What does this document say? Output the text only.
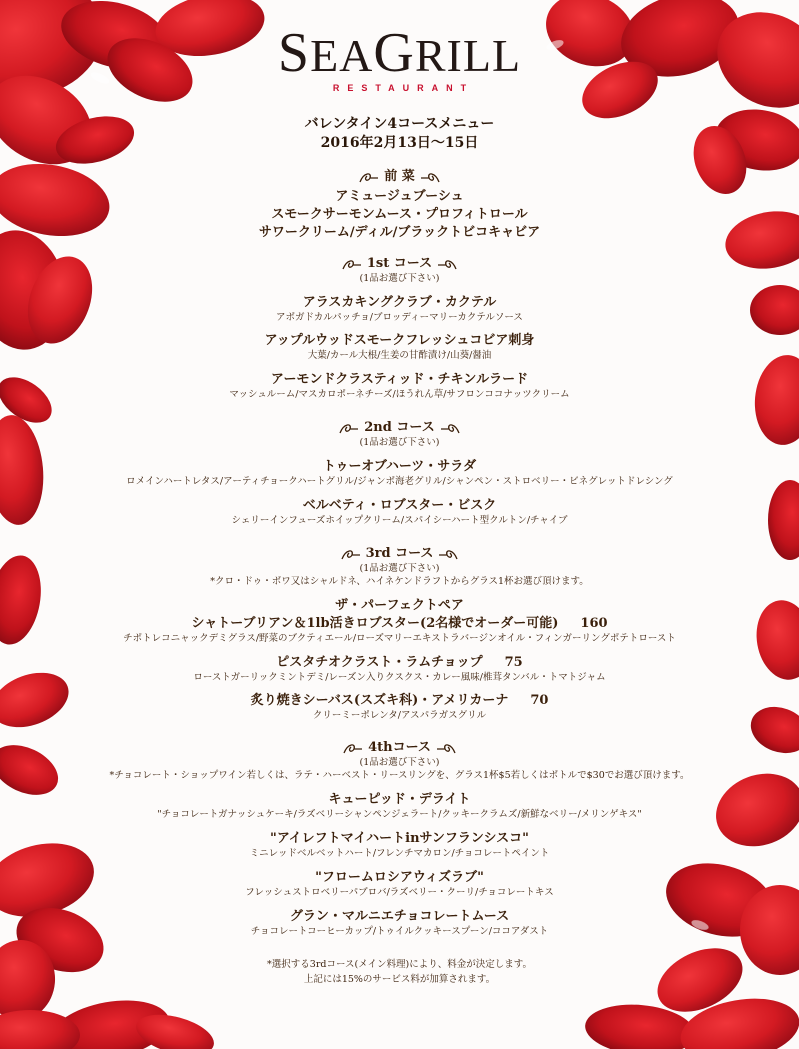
SEAGRILL
RESTAURANT
バレンタイン4コースメニュー
2016年2月13日〜15日
前 菜
アミュージュブーシュ
スモークサーモンムース・プロフィトロール
サワークリーム/ディル/ブラックトビコキャビア
1st コース
(1品お選び下さい)
アラスカキングクラブ・カクテル
アボガドカルパッチョ/ブロッディーマリーカクテルソース
アップルウッドスモークフレッシュコビア刺身
大葉/カール大根/生姜の甘酢漬け/山葵/醤油
アーモンドクラスティッド・チキンルラード
マッシュルーム/マスカロポーネチーズ/ほうれん草/サフロンココナッツクリーム
2nd コース
(1品お選び下さい)
トゥーオブハーツ・サラダ
ロメインハートレタス/アーティチョークハートグリル/ジャンボ海老グリル/シャンペン・ストロベリー・ビネグレットドレシング
ベルベティ・ロブスター・ビスク
シェリーインフューズホイップクリーム/スパイシーハート型クルトン/チャイブ
3rd コース
(1品お選び下さい)
*クロ・ドゥ・ボワ又はシャルドネ、ハイネケンドラフトからグラス1杯お選び頂けます。
ザ・パーフェクトペア
シャトーブリアン＆1lb活きロブスター(2名様でオーダー可能) 160
チポトレコニャックデミグラス/野菜のブクティエール/ローズマリーエキストラバージンオイル・フィンガーリングポテトロースト
ピスタチオクラスト・ラムチョップ 75
ローストガーリックミントデミ/レーズン入りクスクス・カレー風味/椎茸タンバル・トマトジャム
炙り焼きシーバス(スズキ科)・アメリカーナ 70
クリーミーポレンタ/アスパラガスグリル
4thコース
(1品お選び下さい)
*チョコレート・ショップワイン若しくは、ラテ・ハーベスト・リースリングを、グラス1杯$5若しくはボトルで$30でお選び頂けます。
キューピッド・デライト
"チョコレートガナッシュケーキ/ラズベリーシャンペンジェラート/クッキークラムズ/新鮮なベリー/メリンゲキス"
"アイレフトマイハートinサンフランシスコ"
ミニレッドベルベットハート/フレンチマカロン/チョコレートペイント
"フロームロシアウィズラブ"
フレッシュストロベリーパブロバ/ラズベリー・クーリ/チョコレートキス
グラン・マルニエチョコレートムース
チョコレートコーヒーカップ/トゥイルクッキースプーン/ココアダスト
*選択する3rdコース(メイン料理)により、料金が決定します。
上記には15%のサービス料が加算されます。
